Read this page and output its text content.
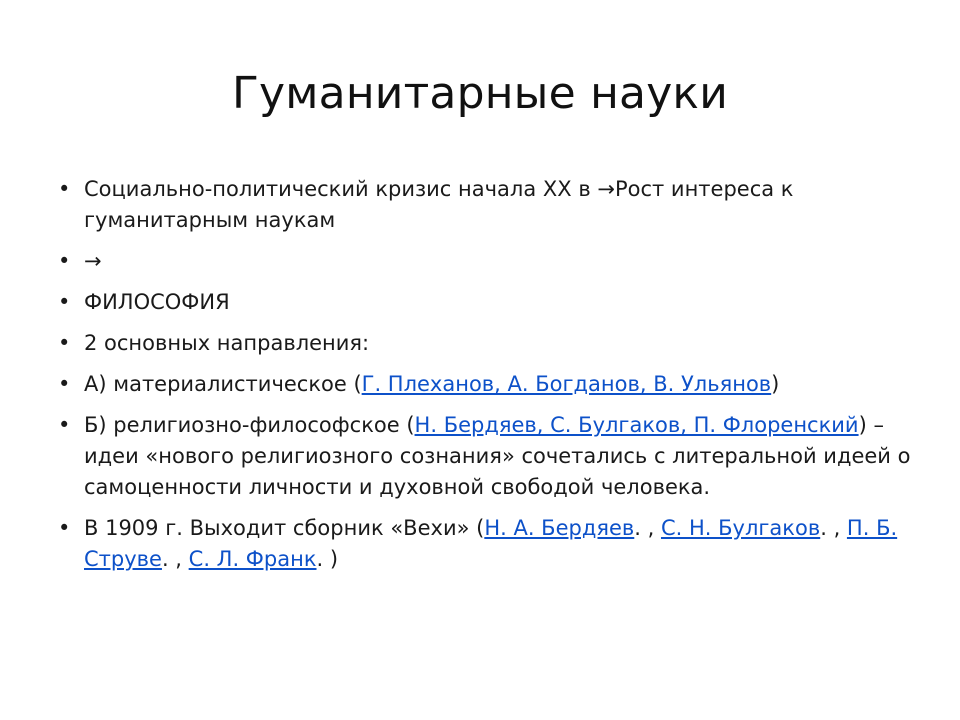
Гуманитарные науки
•
Социально-политический кризис начала XX в →Рост интереса к гуманитарным наукам
•
→
•
ФИЛОСОФИЯ
•
2 основных направления:
•
А) материалистическое (Г. Плеханов, А. Богданов, В. Ульянов)
•
Б) религиозно-философское (Н. Бердяев, С. Булгаков, П. Флоренский) – идеи «нового религиозного сознания» сочетались с литеральной идеей о самоценности личности и духовной свободой человека.
•
В 1909 г. Выходит сборник «Вехи» (Н. А. Бердяев. , С. Н. Булгаков. , П. Б. Струве. , С. Л. Франк. )
